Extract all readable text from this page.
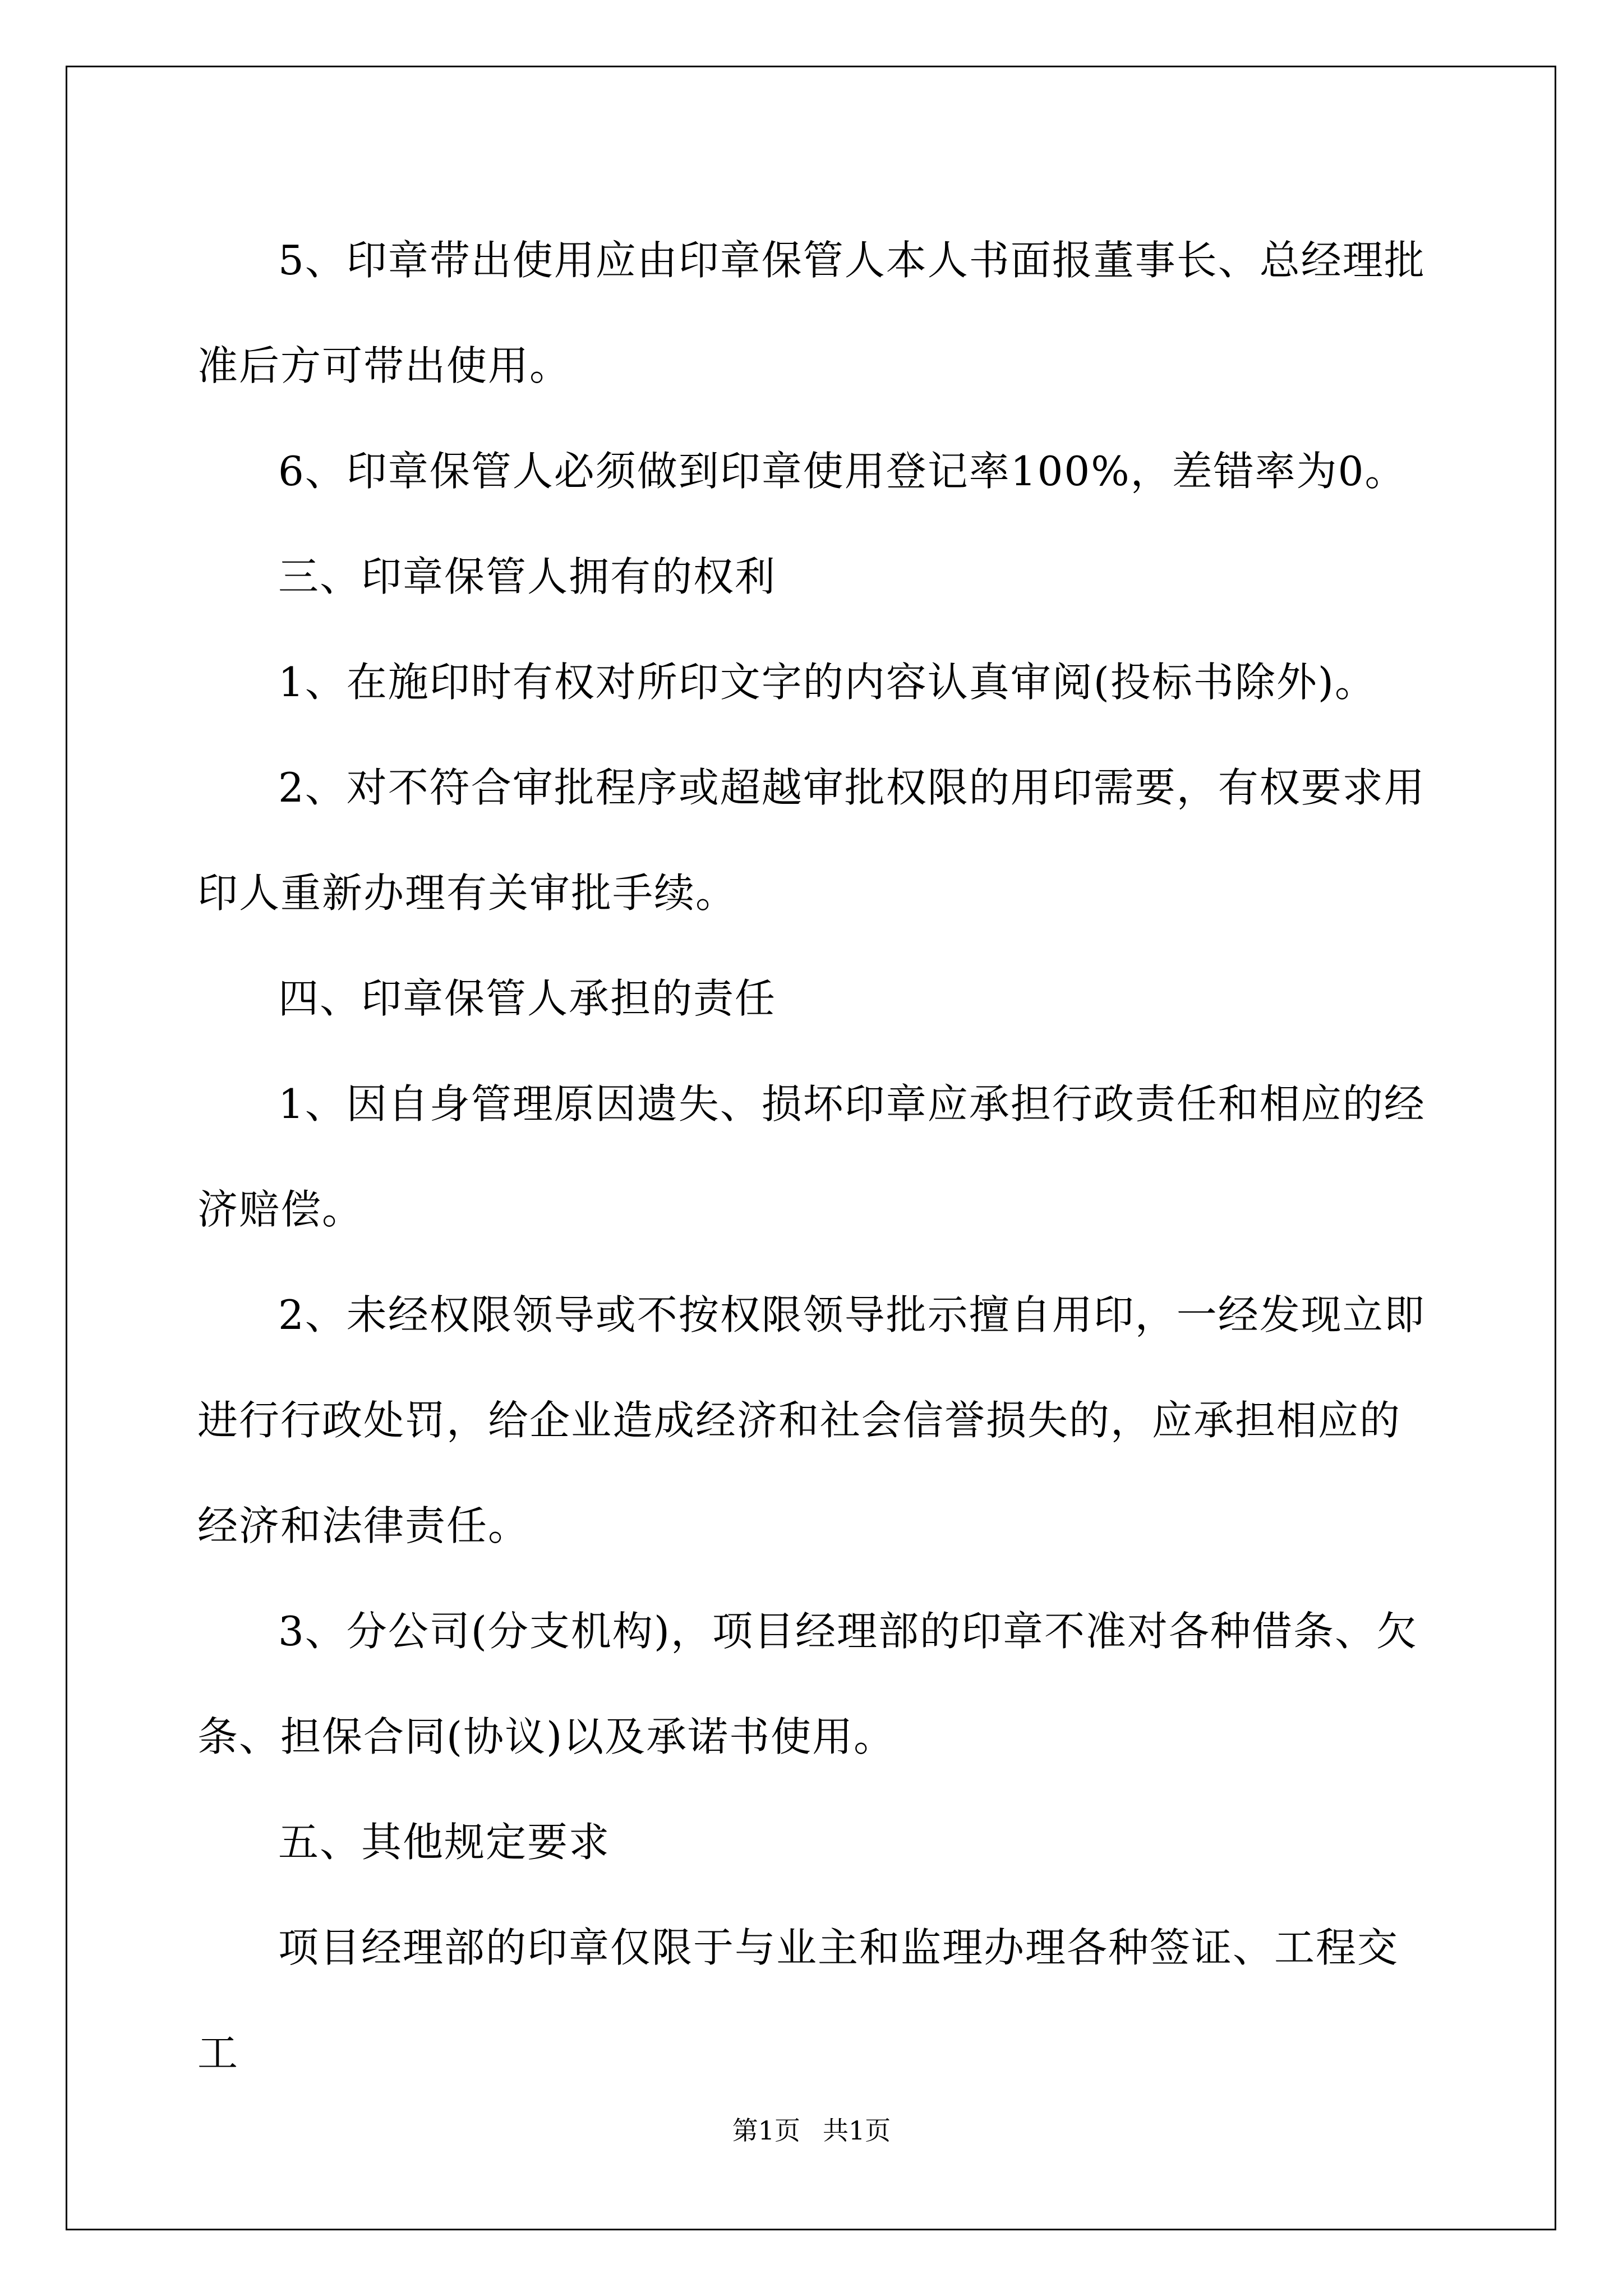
5、印章带出使用应由印章保管人本人书面报董事长、总经理批准后方可带出使用。

6、印章保管人必须做到印章使用登记率100%，差错率为0。

三、印章保管人拥有的权利

1、在施印时有权对所印文字的内容认真审阅(投标书除外)。

2、对不符合审批程序或超越审批权限的用印需要，有权要求用印人重新办理有关审批手续。

四、印章保管人承担的责任

1、因自身管理原因遗失、损坏印章应承担行政责任和相应的经济赔偿。

2、未经权限领导或不按权限领导批示擅自用印，一经发现立即进行行政处罚，给企业造成经济和社会信誉损失的，应承担相应的经济和法律责任。

3、分公司(分支机构)，项目经理部的印章不准对各种借条、欠条、担保合同(协议)以及承诺书使用。

五、其他规定要求

项目经理部的印章仅限于与业主和监理办理各种签证、工程交工

第1页 共1页
